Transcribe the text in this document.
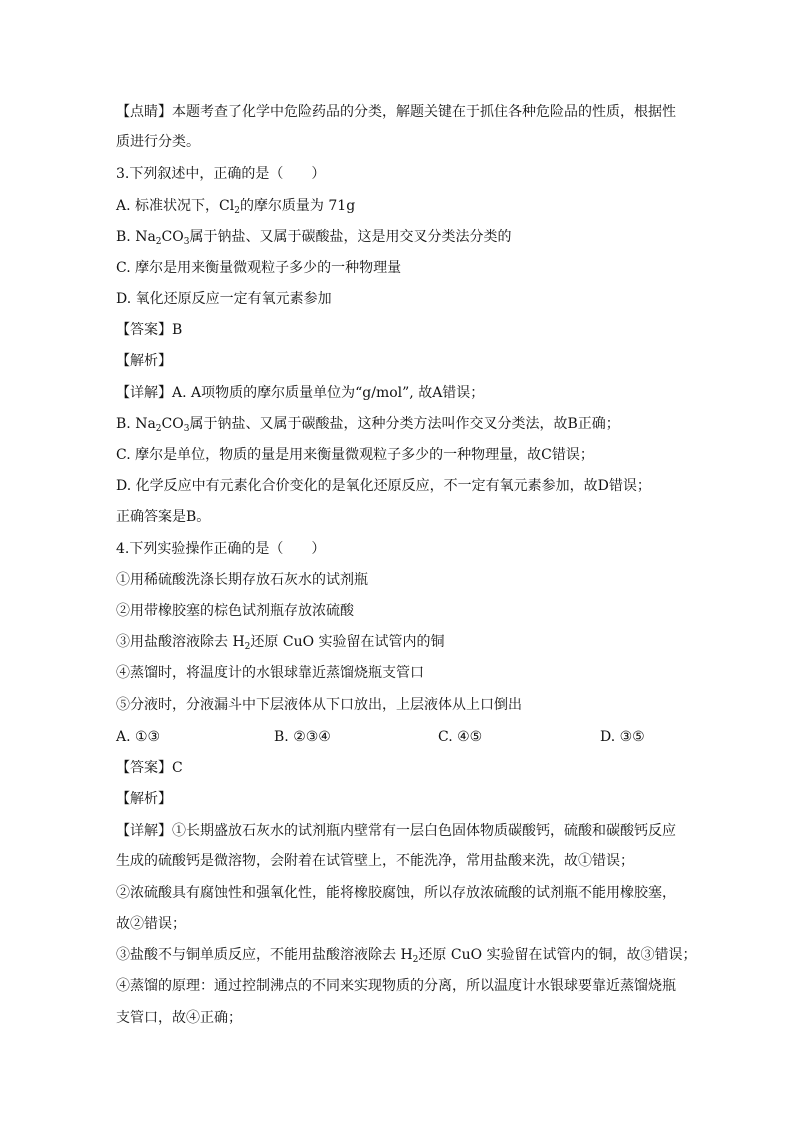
【点睛】本题考查了化学中危险药品的分类，解题关键在于抓住各种危险品的性质，根据性
质进行分类。
3.下列叙述中，正确的是（　　）
A. 标准状况下，$Cl_2$的摩尔质量为 71g
B. $Na_2CO_3$属于钠盐、又属于碳酸盐，这是用交叉分类法分类的
C. 摩尔是用来衡量微观粒子多少的一种物理量
D. 氧化还原反应一定有氧元素参加
【答案】B
【解析】
【详解】A. A项物质的摩尔质量单位为“g/mol”, 故A错误；
B. $Na_2CO_3$属于钠盐、又属于碳酸盐，这种分类方法叫作交叉分类法，故B正确；
C. 摩尔是单位，物质的量是用来衡量微观粒子多少的一种物理量，故C错误；
D. 化学反应中有元素化合价变化的是氧化还原反应，不一定有氧元素参加，故D错误；
正确答案是B。
4.下列实验操作正确的是（　　）
①用稀硫酸洗涤长期存放石灰水的试剂瓶
②用带橡胶塞的棕色试剂瓶存放浓硫酸
③用盐酸溶液除去 $H_2$还原 CuO 实验留在试管内的铜
④蒸馏时，将温度计的水银球靠近蒸馏烧瓶支管口
⑤分液时，分液漏斗中下层液体从下口放出，上层液体从上口倒出
A. ①③	B. ②③④	C. ④⑤	D. ③⑤
【答案】C
【解析】
【详解】①长期盛放石灰水的试剂瓶内壁常有一层白色固体物质碳酸钙，硫酸和碳酸钙反应
生成的硫酸钙是微溶物，会附着在试管壁上，不能洗净，常用盐酸来洗，故①错误；
②浓硫酸具有腐蚀性和强氧化性，能将橡胶腐蚀，所以存放浓硫酸的试剂瓶不能用橡胶塞，
故②错误；
③盐酸不与铜单质反应，不能用盐酸溶液除去 $H_2$还原 CuO 实验留在试管内的铜，故③错误；
④蒸馏的原理：通过控制沸点的不同来实现物质的分离，所以温度计水银球要靠近蒸馏烧瓶
支管口，故④正确；
